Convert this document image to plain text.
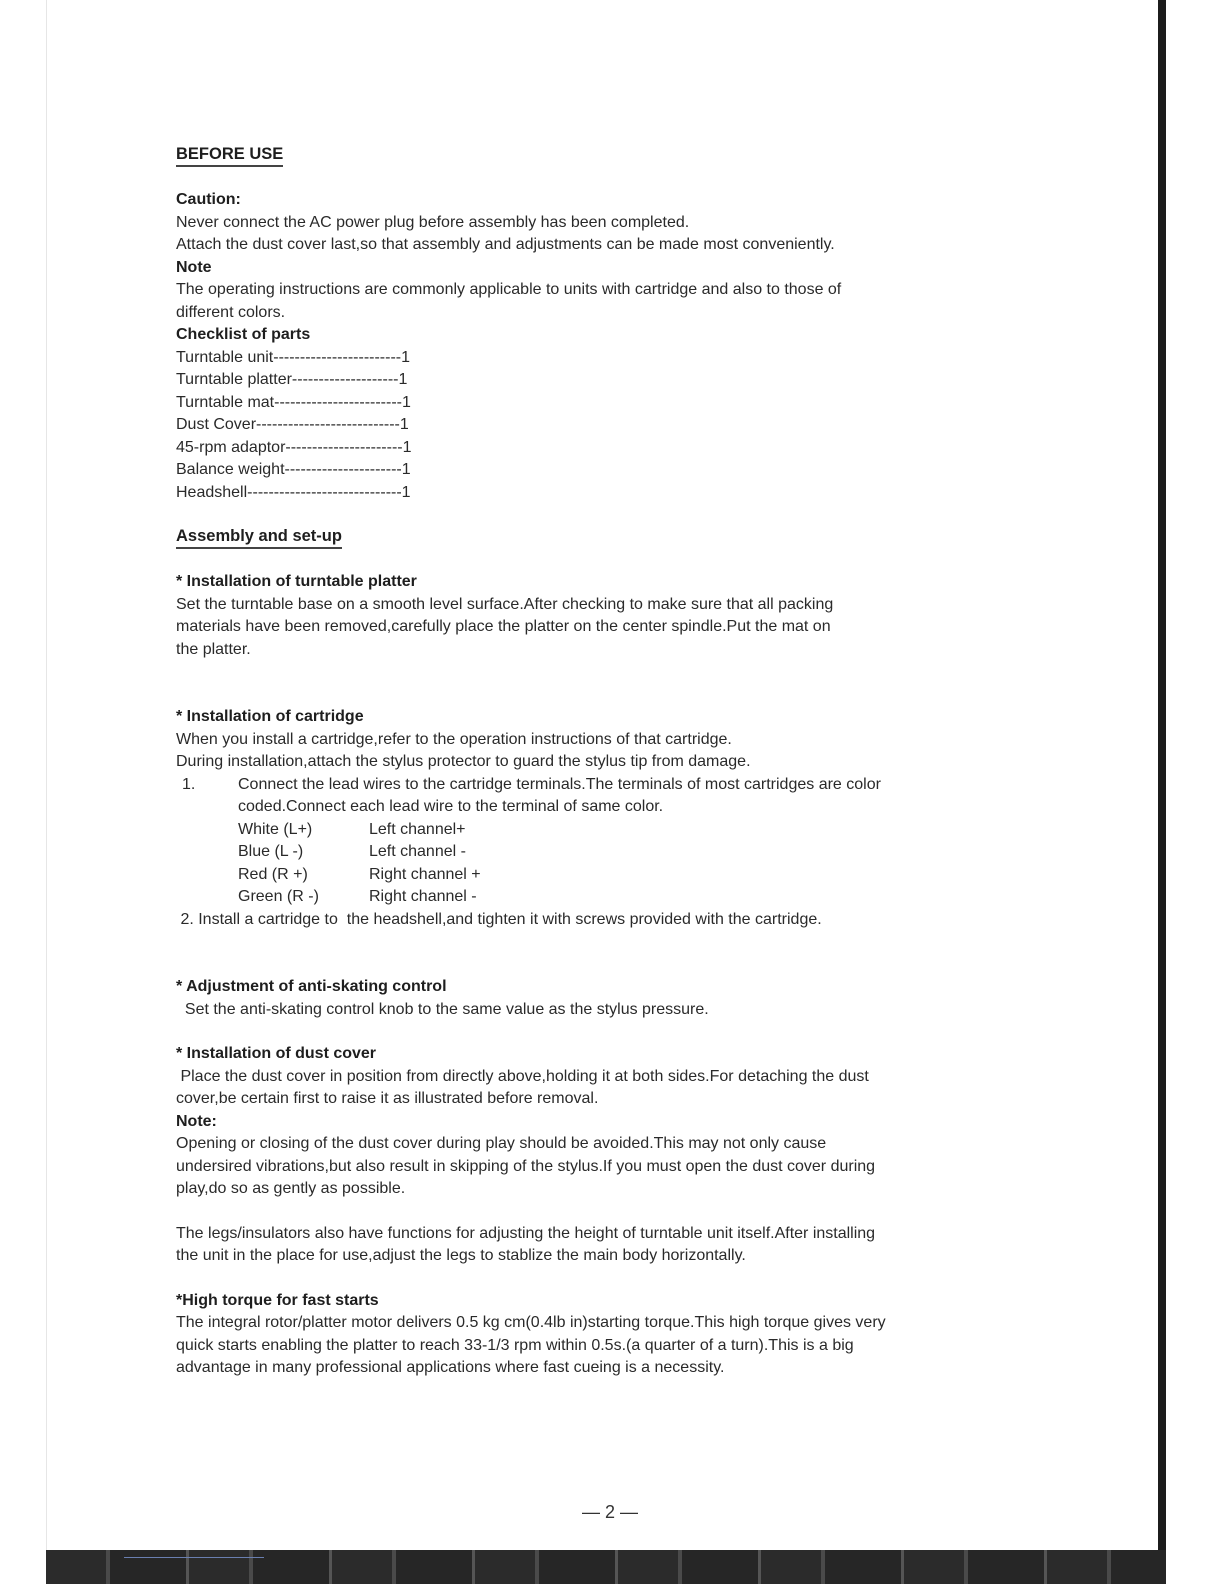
BEFORE USE
Caution:
Never connect the AC power plug before assembly has been completed.
Attach the dust cover last,so that assembly and adjustments can be made most conveniently.
Note
The operating instructions are commonly applicable to units with cartridge and also to those of
different colors.
Checklist of parts
Turntable unit------------------------1
Turntable platter--------------------1
Turntable mat------------------------1
Dust Cover---------------------------1
45-rpm adaptor----------------------1
Balance weight----------------------1
Headshell-----------------------------1
Assembly and set-up
* Installation of turntable platter
Set the turntable base on a smooth level surface.After checking to make sure that all packing
materials have been removed,carefully place the platter on the center spindle.Put the mat on
the platter.
* Installation of cartridge
When you install a cartridge,refer to the operation instructions of that cartridge.
During installation,attach the stylus protector to guard the stylus tip from damage.
1.	Connect the lead wires to the cartridge terminals.The terminals of most cartridges are color
coded.Connect each lead wire to the terminal of same color.
White (L+)	Left channel+
Blue (L -)	Left channel -
Red (R +)	Right channel +
Green (R -)	Right channel -
2. Install a cartridge to  the headshell,and tighten it with screws provided with the cartridge.
* Adjustment of anti-skating control
Set the anti-skating control knob to the same value as the stylus pressure.
* Installation of dust cover
Place the dust cover in position from directly above,holding it at both sides.For detaching the dust
cover,be certain first to raise it as illustrated before removal.
Note:
Opening or closing of the dust cover during play should be avoided.This may not only cause
undersired vibrations,but also result in skipping of the stylus.If you must open the dust cover during
play,do so as gently as possible.
The legs/insulators also have functions for adjusting the height of turntable unit itself.After installing
the unit in the place for use,adjust the legs to stablize the main body horizontally.
*High torque for fast starts
The integral rotor/platter motor delivers 0.5 kg cm(0.4lb in)starting torque.This high torque gives very
quick starts enabling the platter to reach 33-1/3 rpm within 0.5s.(a quarter of a turn).This is a big
advantage in many professional applications where fast cueing is a necessity.
— 2 —
